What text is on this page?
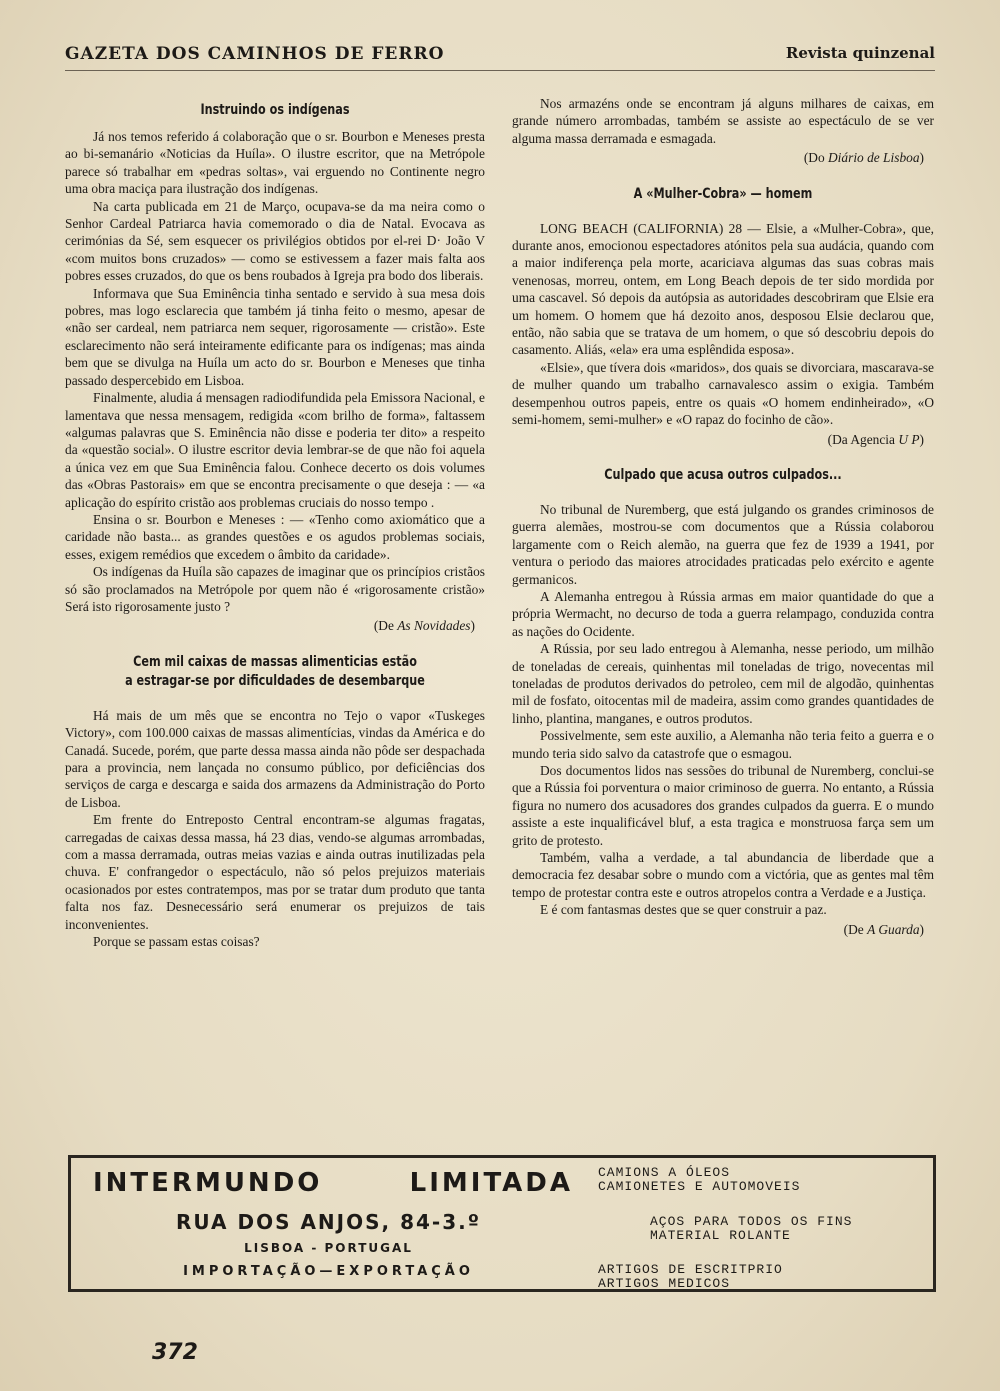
GAZETA DOS CAMINHOS DE FERRO	Revista quinzenal
Instruindo os indígenas

Já nos temos referido á colaboração que o sr. Bourbon e Meneses presta ao bi-semanário «Noticias da Huíla». O ilustre escritor, que na Metrópole parece só trabalhar em «pedras soltas», vai erguendo no Continente negro uma obra maciça para ilustração dos indígenas.

Na carta publicada em 21 de Março, ocupava-se da ma neira como o Senhor Cardeal Patriarca havia comemorado o dia de Natal. Evocava as cerimónias da Sé, sem esquecer os privilégios obtidos por el-rei D· João V «com muitos bons cruzados» — como se estivessem a fazer mais falta aos pobres esses cruzados, do que os bens roubados à Igreja pra bodo dos liberais.

Informava que Sua Eminência tinha sentado e servido à sua mesa dois pobres, mas logo esclarecia que também já tinha feito o mesmo, apesar de «não ser cardeal, nem patriarca nem sequer, rigorosamente — cristão». Este esclarecimento não será inteiramente edificante para os indígenas; mas ainda bem que se divulga na Huíla um acto do sr. Bourbon e Meneses que tinha passado despercebido em Lisboa.

Finalmente, aludia á mensagen radiodifundida pela Emissora Nacional, e lamentava que nessa mensagem, redigida «com brilho de forma», faltassem «algumas palavras que S. Eminência não disse e poderia ter dito» a respeito da «questão social». O ilustre escritor devia lembrar-se de que não foi aquela a única vez em que Sua Eminência falou. Conhece decerto os dois volumes das «Obras Pastorais» em que se encontra precisamente o que deseja : — «a aplicação do espírito cristão aos problemas cruciais do nosso tempo .

Ensina o sr. Bourbon e Meneses : — «Tenho como axiomático que a caridade não basta... as grandes questões e os agudos problemas sociais, esses, exigem remédios que excedem o âmbito da caridade».

Os indígenas da Huíla são capazes de imaginar que os princípios cristãos só são proclamados na Metrópole por quem não é «rigorosamente cristão» Será isto rigorosamente justo ?

(De As Novidades)
Cem mil caixas de massas alimenticias estão
a estragar-se por dificuldades de desembarque

Há mais de um mês que se encontra no Tejo o vapor «Tuskeges Victory», com 100.000 caixas de massas alimentícias, vindas da América e do Canadá. Sucede, porém, que parte dessa massa ainda não pôde ser despachada para a provincia, nem lançada no consumo público, por deficiências dos serviços de carga e descarga e saida dos armazens da Administração do Porto de Lisboa.

Em frente do Entreposto Central encontram-se algumas fragatas, carregadas de caixas dessa massa, há 23 dias, vendo-se algumas arrombadas, com a massa derramada, outras meias vazias e ainda outras inutilizadas pela chuva. E' confrangedor o espectáculo, não só pelos prejuizos materiais ocasionados por estes contratempos, mas por se tratar dum produto que tanta falta nos faz. Desnecessário será enumerar os prejuizos de tais inconvenientes.

Porque se passam estas coisas?

Nos armazéns onde se encontram já alguns milhares de caixas, em grande número arrombadas, também se assiste ao espectáculo de se ver alguma massa derramada e esmagada.

(Do Diário de Lisboa)
A «Mulher-Cobra» — homem

LONG BEACH (CALIFORNIA) 28 — Elsie, a «Mulher-Cobra», que, durante anos, emocionou espectadores atónitos pela sua audácia, quando com a maior indiferença pela morte, acariciava algumas das suas cobras mais venenosas, morreu, ontem, em Long Beach depois de ter sido mordida por uma cascavel. Só depois da autópsia as autoridades descobriram que Elsie era um homem. O homem que há dezoito anos, desposou Elsie declarou que, então, não sabia que se tratava de um homem, o que só descobriu depois do casamento. Aliás, «ela» era uma esplêndida esposa».

«Elsie», que tívera dois «maridos», dos quais se divorciara, mascarava-se de mulher quando um trabalho carnavalesco assim o exigia. Também desempenhou outros papeis, entre os quais «O homem endinheirado», «O semi-homem, semi-mulher» e «O rapaz do focinho de cão».

(Da Agencia U P)
Culpado que acusa outros culpados...

No tribunal de Nuremberg, que está julgando os grandes criminosos de guerra alemães, mostrou-se com documentos que a Rússia colaborou largamente com o Reich alemão, na guerra que fez de 1939 a 1941, por ventura o periodo das maiores atrocidades praticadas pelo exército e agente germanicos.

A Alemanha entregou à Rússia armas em maior quantidade do que a própria Wermacht, no decurso de toda a guerra relampago, conduzida contra as nações do Ocidente.

A Rússia, por seu lado entregou à Alemanha, nesse periodo, um milhão de toneladas de cereais, quinhentas mil toneladas de trigo, novecentas mil toneladas de produtos derivados do petroleo, cem mil de algodão, quinhentas mil de fosfato, oitocentas mil de madeira, assim como grandes quantidades de linho, plantina, manganes, e outros produtos.

Possivelmente, sem este auxilio, a Alemanha não teria feito a guerra e o mundo teria sido salvo da catastrofe que o esmagou.

Dos documentos lidos nas sessões do tribunal de Nuremberg, conclui-se que a Rússia foi porventura o maior criminoso de guerra. No entanto, a Rússia figura no numero dos acusadores dos grandes culpados da guerra. E o mundo assiste a este inqualificável bluf, a esta tragica e monstruosa farça sem um grito de protesto.

Também, valha a verdade, a tal abundancia de liberdade que a democracia fez desabar sobre o mundo com a victória, que as gentes mal têm tempo de protestar contra este e outros atropelos contra a Verdade e a Justiça.

E é com fantasmas destes que se quer construir a paz.

(De A Guarda)
INTERMUNDO	LIMITADA
RUA DOS ANJOS, 84-3.º
LISBOA - PORTUGAL
IMPORTAÇÃO—EXPORTAÇÃO

CAMIONS A ÓLEOS

CAMIONETES E AUTOMOVEIS

AÇOS PARA TODOS OS FINS

MATERIAL ROLANTE

ARTIGOS DE ESCRITPRIO

ARTIGOS MEDICOS

372
